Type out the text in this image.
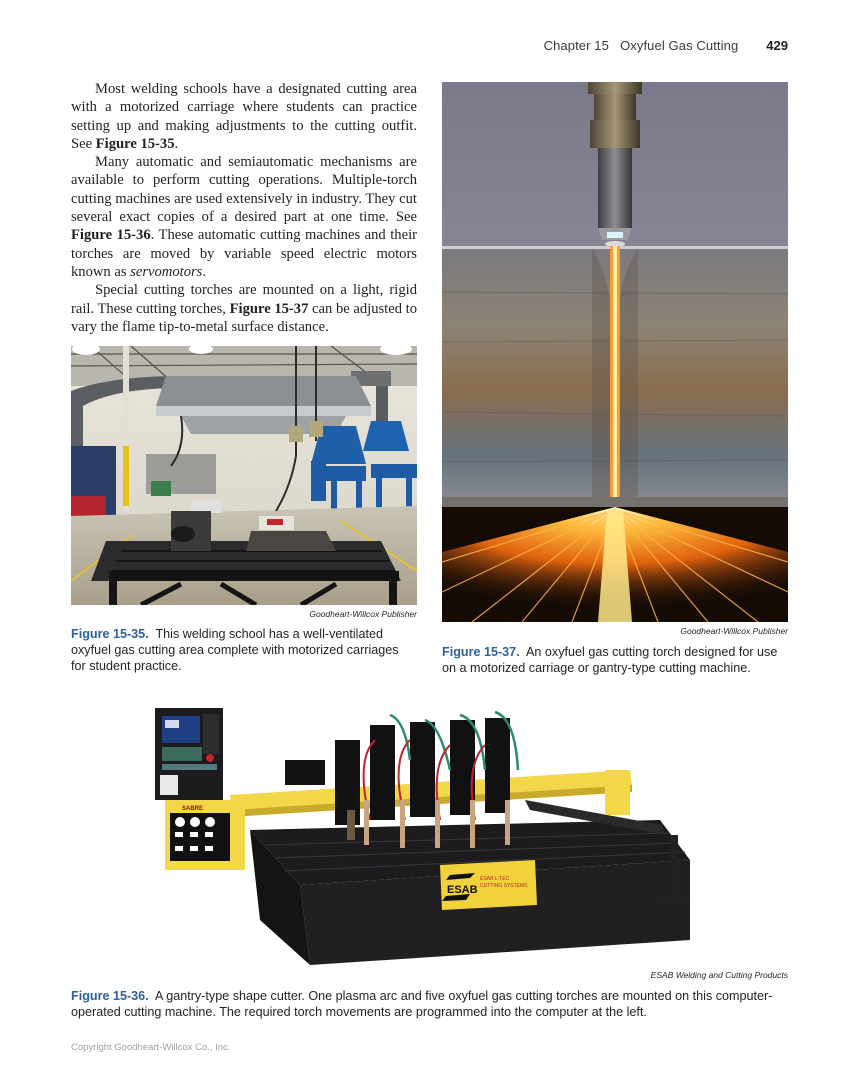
Chapter 15 Oxyfuel Gas Cutting 429

Most welding schools have a designated cutting area with a motorized carriage where students can practice setting up and making adjustments to the cutting outfit. See Figure 15-35.

Many automatic and semiautomatic mechanisms are available to perform cutting operations. Multiple-torch cutting machines are used extensively in industry. They cut several exact copies of a desired part at one time. See Figure 15-36. These automatic cutting machines and their torches are moved by variable speed electric motors known as servomotors.

Special cutting torches are mounted on a light, rigid rail. These cutting torches, Figure 15-37 can be adjusted to vary the flame tip-to-metal surface distance.

Goodheart-Willcox Publisher
Figure 15-35. This welding school has a well-ventilated oxyfuel gas cutting area complete with motorized carriages for student practice.
Goodheart-Willcox Publisher
Figure 15-37. An oxyfuel gas cutting torch designed for use on a motorized carriage or gantry-type cutting machine.
ESAB
ESAB L-TEC
CUTTING SYSTEMS
SABRE
ESAB Welding and Cutting Products
Figure 15-36. A gantry-type shape cutter. One plasma arc and five oxyfuel gas cutting torches are mounted on this computer-operated cutting machine. The required torch movements are programmed into the computer at the left.
Copyright Goodheart-Willcox Co., Inc.
